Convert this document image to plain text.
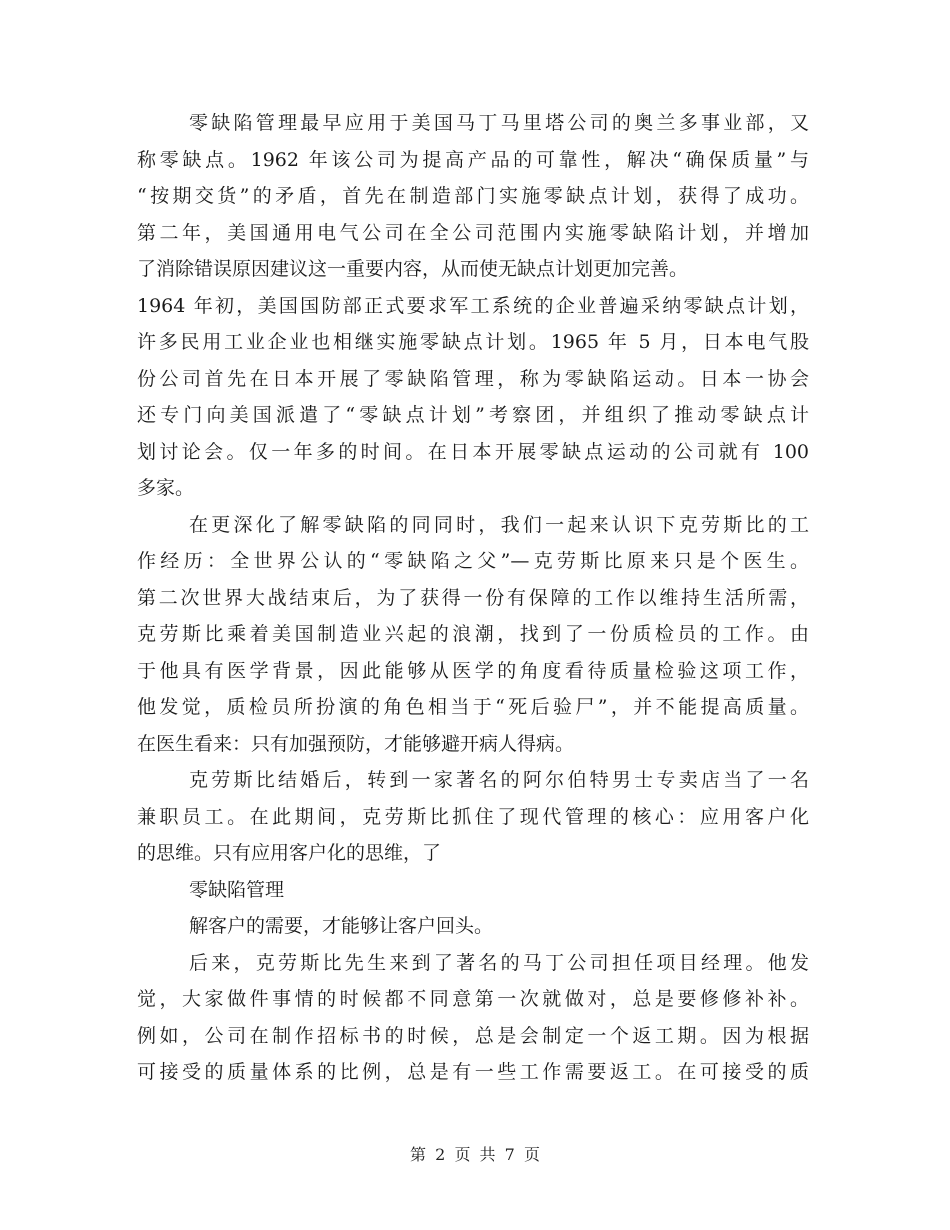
零缺陷管理最早应用于美国马丁马里塔公司的奥兰多事业部，又
称零缺点。1962 年该公司为提高产品的可靠性，解决“确保质量”与
“按期交货”的矛盾，首先在制造部门实施零缺点计划，获得了成功。
第二年，美国通用电气公司在全公司范围内实施零缺陷计划，并增加
了消除错误原因建议这一重要内容，从而使无缺点计划更加完善。
1964 年初，美国国防部正式要求军工系统的企业普遍采纳零缺点计划，
许多民用工业企业也相继实施零缺点计划。1965 年 5 月，日本电气股
份公司首先在日本开展了零缺陷管理，称为零缺陷运动。日本一协会
还专门向美国派遣了“零缺点计划”考察团，并组织了推动零缺点计
划讨论会。仅一年多的时间。在日本开展零缺点运动的公司就有 100
多家。
在更深化了解零缺陷的同同时，我们一起来认识下克劳斯比的工
作经历：全世界公认的“零缺陷之父”—克劳斯比原来只是个医生。
第二次世界大战结束后，为了获得一份有保障的工作以维持生活所需，
克劳斯比乘着美国制造业兴起的浪潮，找到了一份质检员的工作。由
于他具有医学背景，因此能够从医学的角度看待质量检验这项工作，
他发觉，质检员所扮演的角色相当于“死后验尸”，并不能提高质量。
在医生看来：只有加强预防，才能够避开病人得病。
克劳斯比结婚后，转到一家著名的阿尔伯特男士专卖店当了一名
兼职员工。在此期间，克劳斯比抓住了现代管理的核心：应用客户化
的思维。只有应用客户化的思维，了
零缺陷管理
解客户的需要，才能够让客户回头。
后来，克劳斯比先生来到了著名的马丁公司担任项目经理。他发
觉，大家做件事情的时候都不同意第一次就做对，总是要修修补补。
例如，公司在制作招标书的时候，总是会制定一个返工期。因为根据
可接受的质量体系的比例，总是有一些工作需要返工。在可接受的质
第 2 页 共 7 页
